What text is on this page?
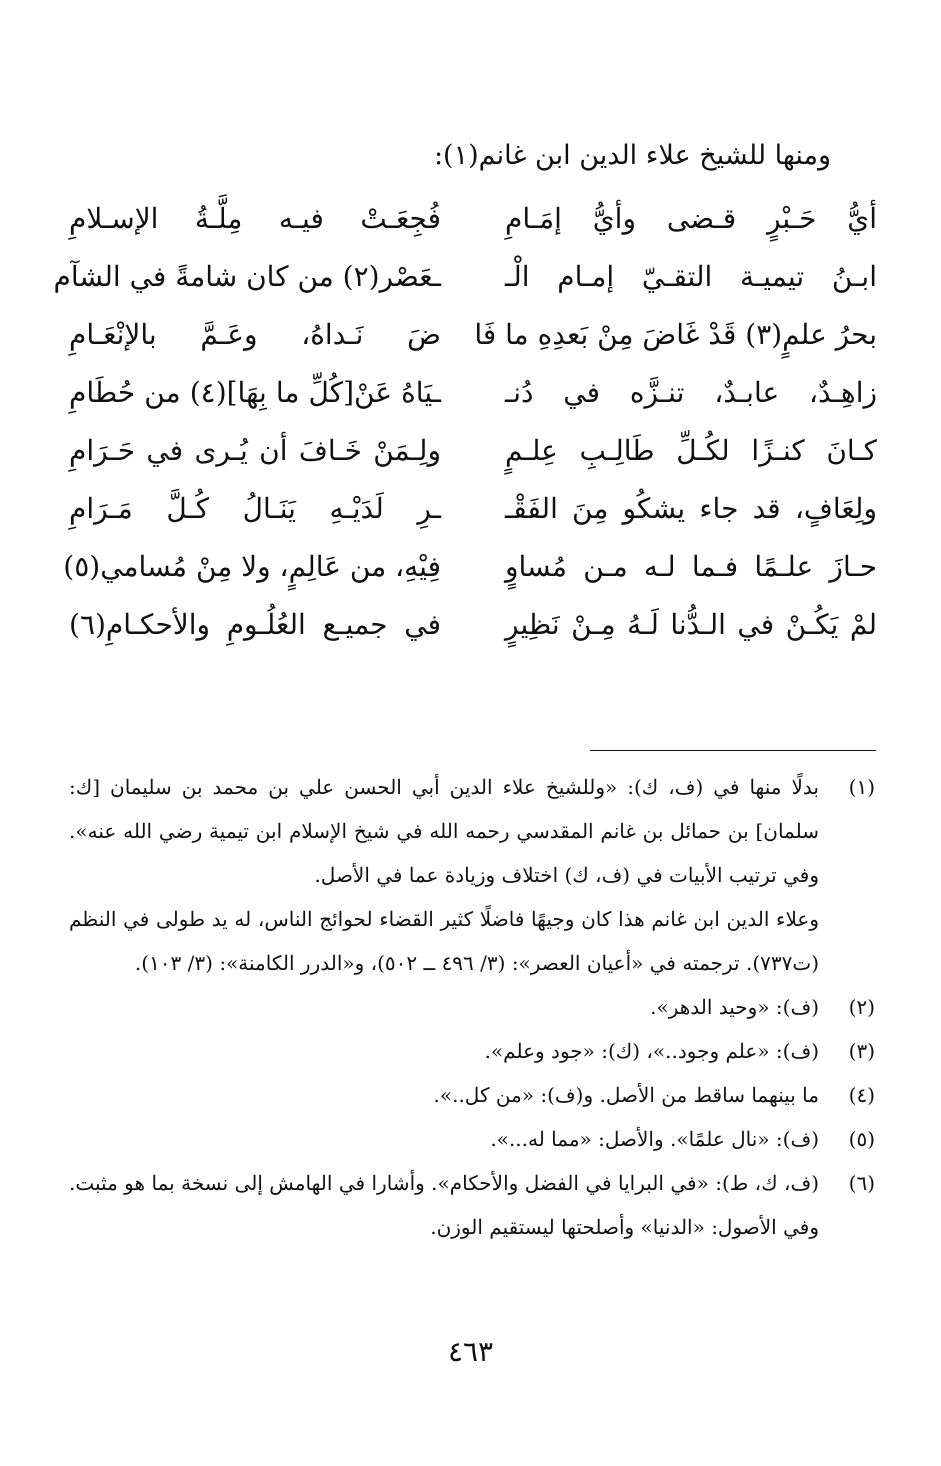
ومنها للشيخ علاء الدين ابن غانم(١):
أيُّ حَـبْرٍ قـضى وأيُّ إمَـامِ
فُجِعَـتْ فيـه مِلَّـةُ الإسـلامِ
ابـنُ تيميـة التقـيّ إمـام الْـ
ـعَصْر(٢) من كان شامةً في الشآم
بحرُ علمٍ(٣) قَدْ غَاضَ مِنْ بَعدِهِ ما فَا
ضَ نَـداهُ، وعَـمَّ بالإنْعَـامِ
زاهِـدٌ، عابـدٌ، تنـزَّه في دُنـ
ـيَاهُ عَنْ[كُلِّ ما بِهَا](٤) من حُطَامِ
كـانَ كنـزًا لكُـلِّ طَالِـبِ عِلـمٍ
ولِـمَنْ خَـافَ أن يُـرى في حَـرَامِ
ولِعَافٍ، قد جاء يشكُو مِنَ الفَقْـ
ـرِ لَدَيْـهِ يَنَـالُ كُـلَّ مَـرَامِ
حـازَ علـمًا فـما لـه مـن مُساوٍ
فِيْهِ، من عَالِمٍ، ولا مِنْ مُسامي(٥)
لمْ يَكُـنْ في الـدُّنا لَـهُ مِـنْ نَظِيرٍ
في جميـع العُلُـومِ والأحكـامِ(٦)
(١)

بدلًا منها في (ف، ك): «وللشيخ علاء الدين أبي الحسن علي بن محمد بن سليمان [ك: سلمان] بن حمائل بن غانم المقدسي رحمه الله في شيخ الإسلام ابن تيمية رضي الله عنه». وفي ترتيب الأبيات في (ف، ك) اختلاف وزيادة عما في الأصل.

وعلاء الدين ابن غانم هذا كان وجيهًا فاضلًا كثير القضاء لحوائج الناس، له يد طولى في النظم (ت٧٣٧). ترجمته في «أعيان العصر»: (٣/ ٤٩٦ ــ ٥٠٢)، و«الدرر الكامنة»: (٣/ ١٠٣).

(٢)

(ف): «وحيد الدهر».

(٣)

(ف): «علم وجود..»، (ك): «جود وعلم».

(٤)

ما بينهما ساقط من الأصل. و(ف): «من كل..».

(٥)

(ف): «نال علمًا». والأصل: «مما له...».

(٦)

(ف، ك، ط): «في البرايا في الفضل والأحكام». وأشارا في الهامش إلى نسخة بما هو مثبت. وفي الأصول: «الدنيا» وأصلحتها ليستقيم الوزن.

٤٦٣
